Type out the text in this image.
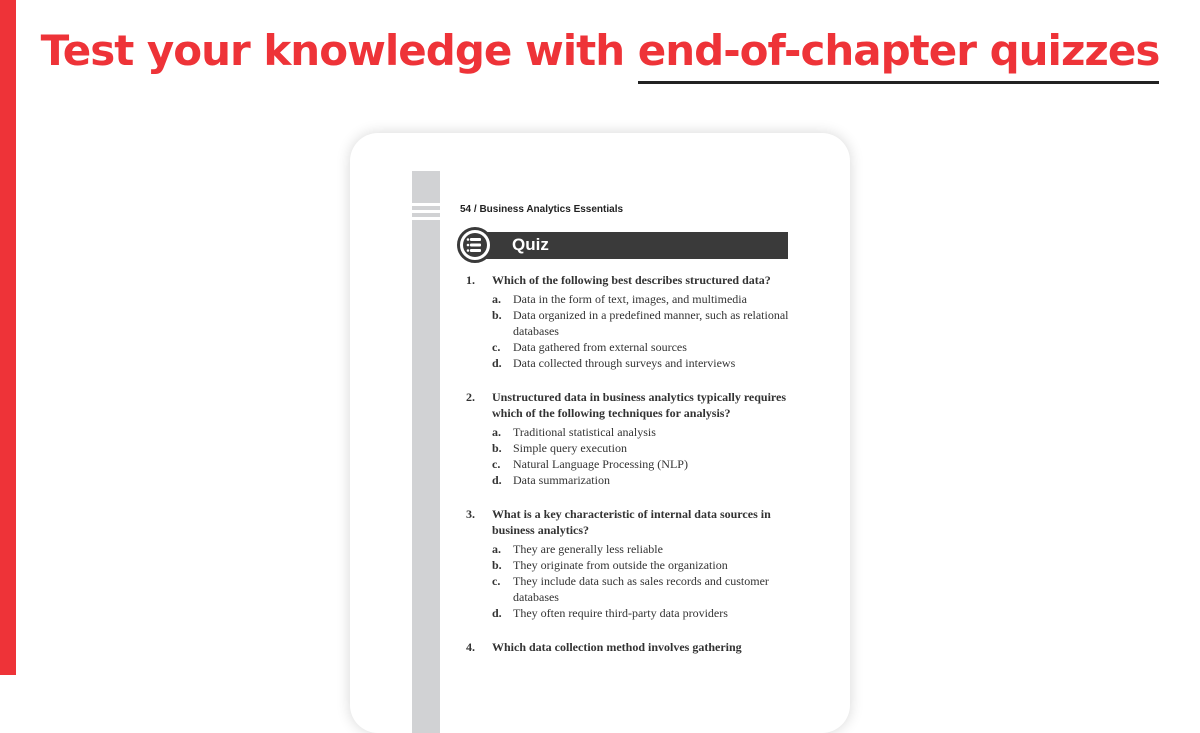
Test your knowledge with end-of-chapter quizzes
54 / Business Analytics Essentials
Quiz
1.	Which of the following best describes structured data?
a.	Data in the form of text, images, and multimedia
b. Data organized in a predefined manner, such as relational databases
c.	Data gathered from external sources
d. Data collected through surveys and interviews
2.	Unstructured data in business analytics typically requires which of the following techniques for analysis?
a.	Traditional statistical analysis
b. Simple query execution
c.	Natural Language Processing (NLP)
d. Data summarization
3.	What is a key characteristic of internal data sources in business analytics?
a.	They are generally less reliable
b. They originate from outside the organization
c.	They include data such as sales records and customer databases
d. They often require third-party data providers
4.	Which data collection method involves gathering
